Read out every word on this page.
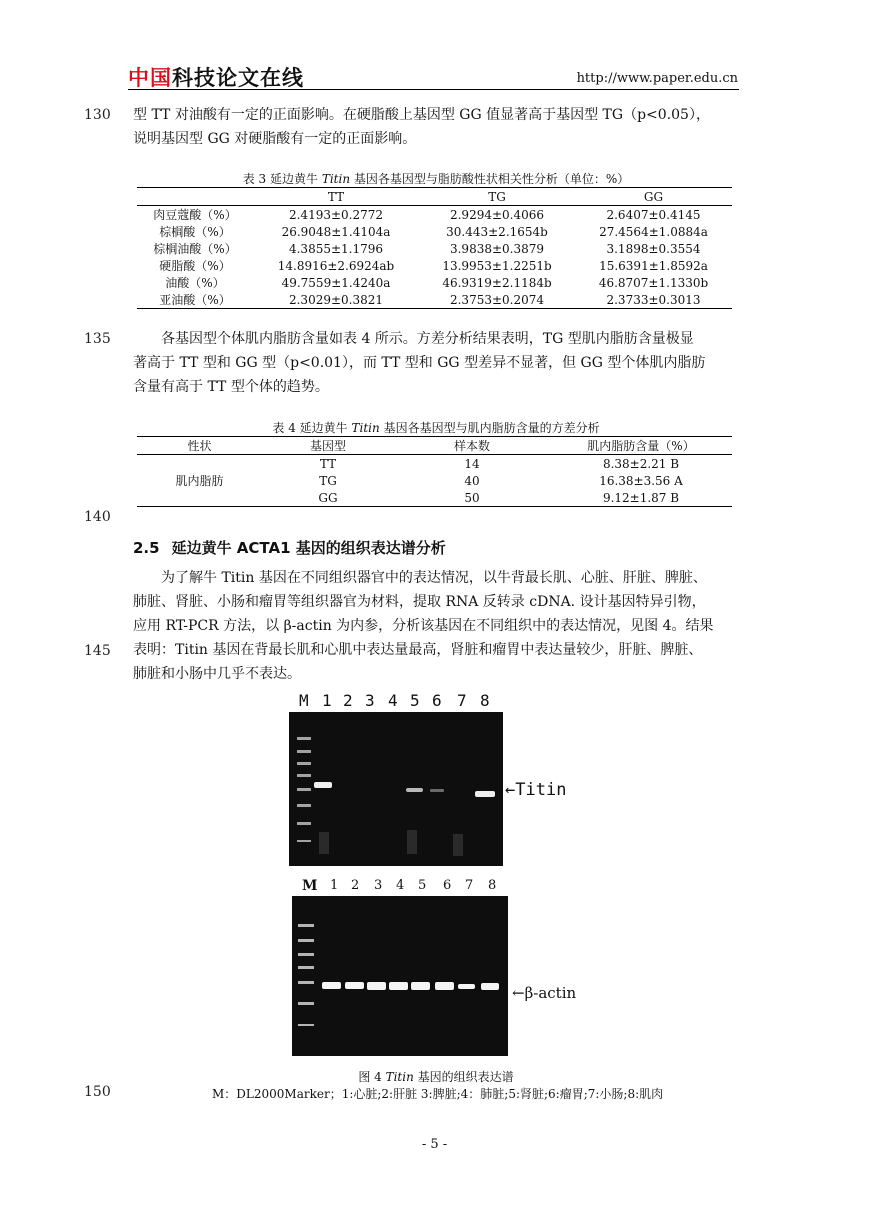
中国科技论文在线	http://www.paper.edu.cn
130
135
140
145
150
型 TT 对油酸有一定的正面影响。在硬脂酸上基因型 GG 值显著高于基因型 TG（p<0.05），
说明基因型 GG 对硬脂酸有一定的正面影响。
表 3 延边黄牛 Titin 基因各基因型与脂肪酸性状相关性分析（单位：%）
	TT	TG	GG
肉豆蔻酸（%）	2.4193±0.2772	2.9294±0.4066	2.6407±0.4145
棕榈酸（%）	26.9048±1.4104a	30.443±2.1654b	27.4564±1.0884a
棕榈油酸（%）	4.3855±1.1796	3.9838±0.3879	3.1898±0.3554
硬脂酸（%）	14.8916±2.6924ab	13.9953±1.2251b	15.6391±1.8592a
油酸（%）	49.7559±1.4240a	46.9319±2.1184b	46.8707±1.1330b
亚油酸（%）	2.3029±0.3821	2.3753±0.2074	2.3733±0.3013
各基因型个体肌内脂肪含量如表 4 所示。方差分析结果表明，TG 型肌内脂肪含量极显
著高于 TT 型和 GG 型（p<0.01），而 TT 型和 GG 型差异不显著，但 GG 型个体肌内脂肪
含量有高于 TT 型个体的趋势。
表 4 延边黄牛 Titin 基因各基因型与肌内脂肪含量的方差分析
性状	基因型	样本数	肌内脂肪含量（%）
肌内脂肪	TT	14	8.38±2.21 B
	TG	40	16.38±3.56 A
	GG	50	9.12±1.87 B
2.5 延边黄牛 ACTA1 基因的组织表达谱分析
为了解牛 Titin 基因在不同组织器官中的表达情况，以牛背最长肌、心脏、肝脏、脾脏、
肺脏、肾脏、小肠和瘤胃等组织器官为材料，提取 RNA 反转录 cDNA. 设计基因特异引物，
应用 RT-PCR 方法，以 β-actin 为内参，分析该基因在不同组织中的表达情况，见图 4。结果
表明：Titin 基因在背最长肌和心肌中表达量最高，肾脏和瘤胃中表达量较少，肝脏、脾脏、
肺脏和小肠中几乎不表达。
M 1 2 3 4 5 6 7 8
←Titin
M 1 2 3 4 5 6 7 8
←β-actin
图 4 Titin 基因的组织表达谱
M：DL2000Marker；1:心脏;2:肝脏 3:脾脏;4：肺脏;5:肾脏;6:瘤胃;7:小肠;8:肌肉
- 5 -
